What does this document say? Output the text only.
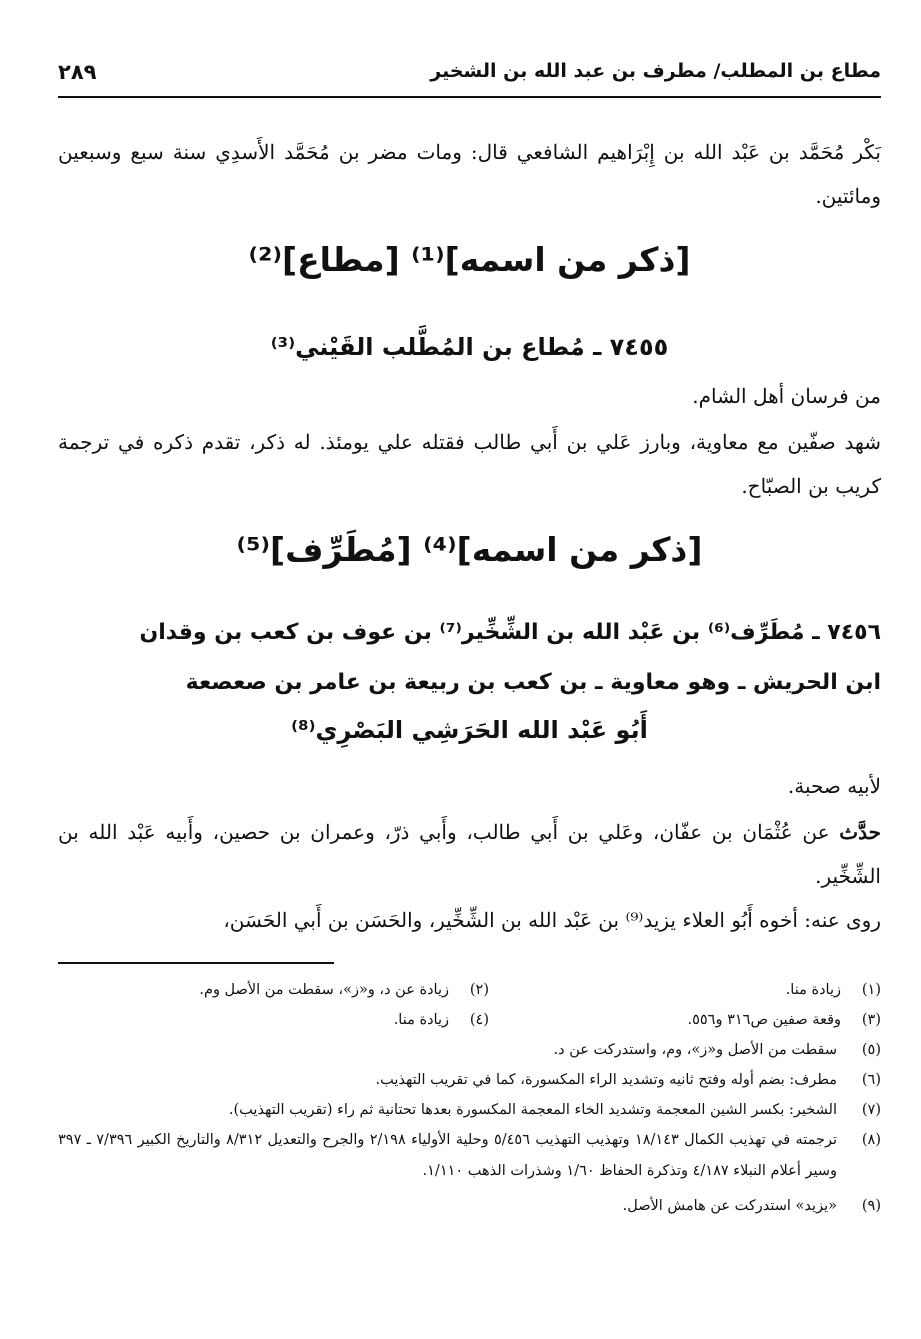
مطاع بن المطلب/ مطرف بن عبد الله بن الشخير
٢٨٩
بَكْر مُحَمَّد بن عَبْد الله بن إِبْرَاهيم الشافعي قال: ومات مضر بن مُحَمَّد الأَسدِي سنة سبع وسبعين ومائتين.
[ذكر من اسمه]⁽¹⁾ [مطاع]⁽²⁾
٧٤٥٥ ـ مُطاع بن المُطَّلب القَيْني⁽³⁾
من فرسان أهل الشام.
شهد صفّين مع معاوية، وبارز عَلي بن أَبي طالب فقتله علي يومئذ. له ذكر، تقدم ذكره في ترجمة كريب بن الصبّاح.
[ذكر من اسمه]⁽⁴⁾ [مُطَرِّف]⁽⁵⁾
٧٤٥٦ ـ مُطَرِّف⁽⁶⁾ بن عَبْد الله بن الشِّخِّير⁽⁷⁾ بن عوف بن كعب بن وقدان
ابن الحريش ـ وهو معاوية ـ بن كعب بن ربيعة بن عامر بن صعصعة
أَبُو عَبْد الله الحَرَشِي البَصْرِي⁽⁸⁾
لأبيه صحبة.
حدَّث عن عُثْمَان بن عفّان، وعَلي بن أَبي طالب، وأَبي ذرّ، وعمران بن حصين، وأَبيه عَبْد الله بن الشِّخِّير.
روى عنه: أخوه أَبُو العلاء يزيد⁽⁹⁾ بن عَبْد الله بن الشِّخِّير، والحَسَن بن أَبي الحَسَن،
(١)زيادة منا.
(٢)زيادة عن د، و«ز»، سقطت من الأصل وم.
(٣)وقعة صفين ص٣١٦ و٥٥٦.
(٤)زيادة منا.
(٥)
سقطت من الأصل و«ز»، وم، واستدركت عن د.
(٦)
مطرف: بضم أوله وفتح ثانيه وتشديد الراء المكسورة، كما في تقريب التهذيب.
(٧)
الشخير: بكسر الشين المعجمة وتشديد الخاء المعجمة المكسورة بعدها تحتانية ثم راء (تقريب التهذيب).
(٨)
ترجمته في تهذيب الكمال ١٨/١٤٣ وتهذيب التهذيب ٥/٤٥٦ وحلية الأولياء ٢/١٩٨ والجرح والتعديل ٨/٣١٢ والتاريخ الكبير ٧/٣٩٦ ـ ٣٩٧ وسير أعلام النبلاء ٤/١٨٧ وتذكرة الحفاظ ١/٦٠ وشذرات الذهب ١/١١٠.
(٩)
«يزيد» استدركت عن هامش الأصل.
